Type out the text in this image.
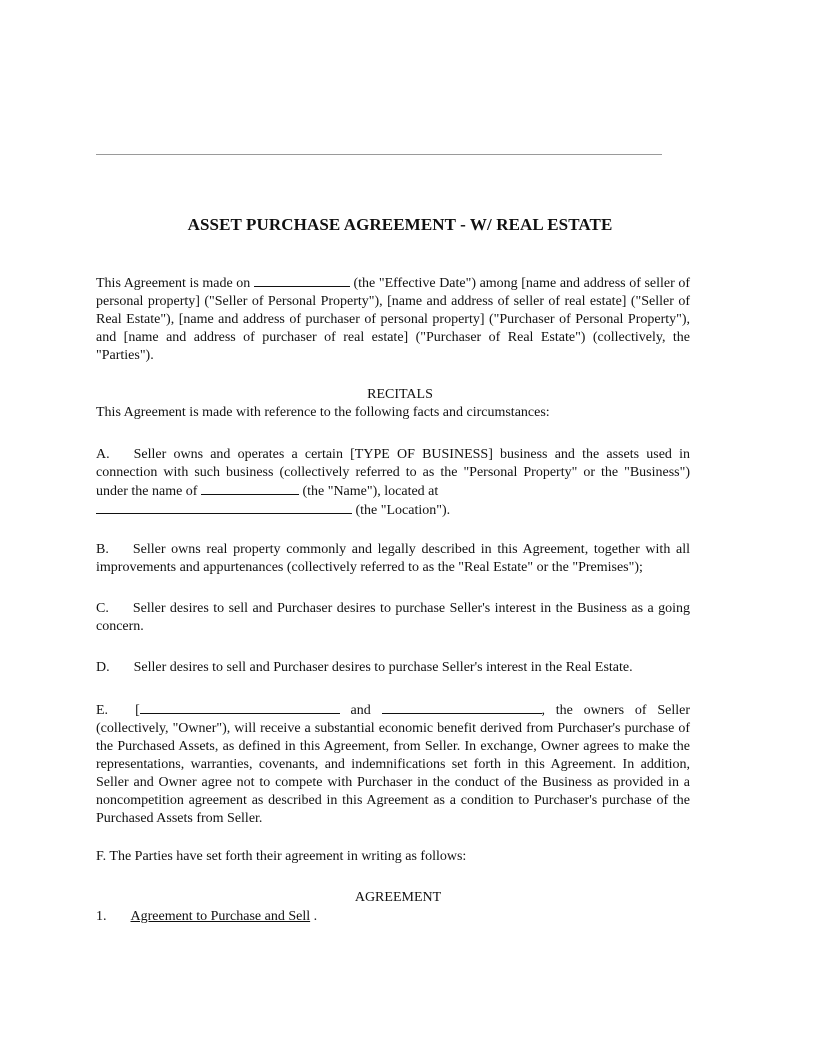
ASSET PURCHASE AGREEMENT - W/ REAL ESTATE
This Agreement is made on	(the "Effective Date") among [name and address of seller of personal property] ("Seller of Personal Property"), [name and address of seller of real estate] ("Seller of Real Estate"), [name and address of purchaser of personal property] ("Purchaser of Personal Property"), and [name and address of purchaser of real estate] ("Purchaser of Real Estate") (collectively, the "Parties").
RECITALS
This Agreement is made with reference to the following facts and circumstances:
A. Seller owns and operates a certain [TYPE OF BUSINESS] business and the assets used in connection with such business (collectively referred to as the "Personal Property" or the "Business") under the name of	(the "Name"), located at
(the "Location").
B. Seller owns real property commonly and legally described in this Agreement, together with all improvements and appurtenances (collectively referred to as the "Real Estate" or the "Premises");
C. Seller desires to sell and Purchaser desires to purchase Seller's interest in the Business as a going concern.
D. Seller desires to sell and Purchaser desires to purchase Seller's interest in the Real Estate.
E. [	and	, the owners of Seller (collectively, "Owner"), will receive a substantial economic benefit derived from Purchaser's purchase of the Purchased Assets, as defined in this Agreement, from Seller. In exchange, Owner agrees to make the representations, warranties, covenants, and indemnifications set forth in this Agreement. In addition, Seller and Owner agree not to compete with Purchaser in the conduct of the Business as provided in a noncompetition agreement as described in this Agreement as a condition to Purchaser's purchase of the Purchased Assets from Seller.
F. The Parties have set forth their agreement in writing as follows:
AGREEMENT
1. Agreement to Purchase and Sell .
